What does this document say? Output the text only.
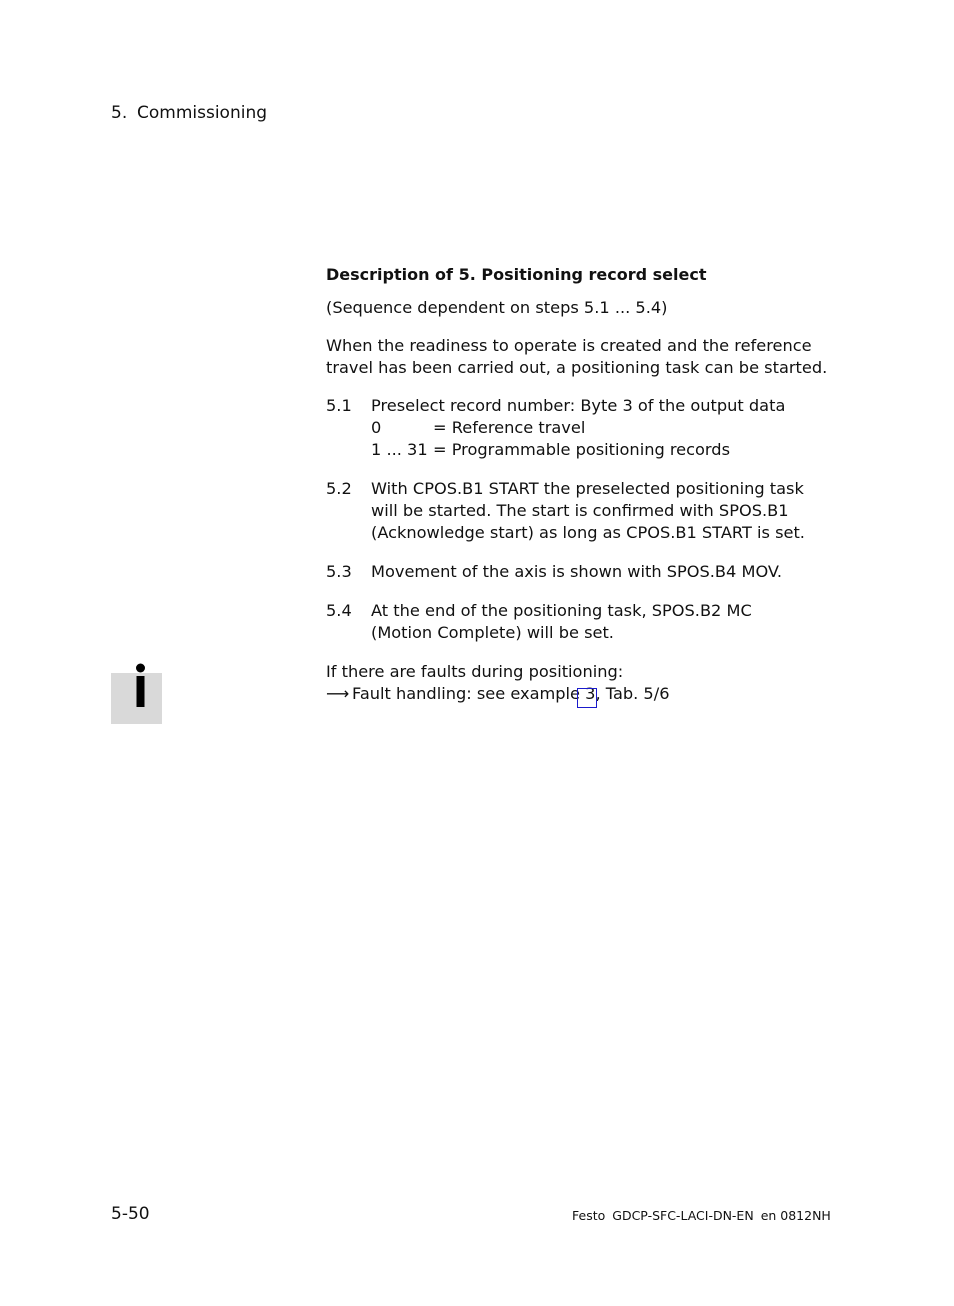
5. Commissioning
Description of 5. Positioning record select
(Sequence dependent on steps 5.1 ... 5.4)
When the readiness to operate is created and the reference
travel has been carried out, a positioning task can be started.
5.1	Preselect record number: Byte 3 of the output data
0	= Reference travel
1 ... 31 = Programmable positioning records
5.2	With CPOS.B1 START the preselected positioning task
will be started. The start is confirmed with SPOS.B1
(Acknowledge start) as long as CPOS.B1 START is set.
5.3	Movement of the axis is shown with SPOS.B4 MOV.
5.4	At the end of the positioning task, SPOS.B2 MC
(Motion Complete) will be set.
If there are faults during positioning:
⟶ Fault handling: see example 3, Tab. 5/6
5-50	Festo GDCP-SFC-LACI-DN-EN en 0812NH
